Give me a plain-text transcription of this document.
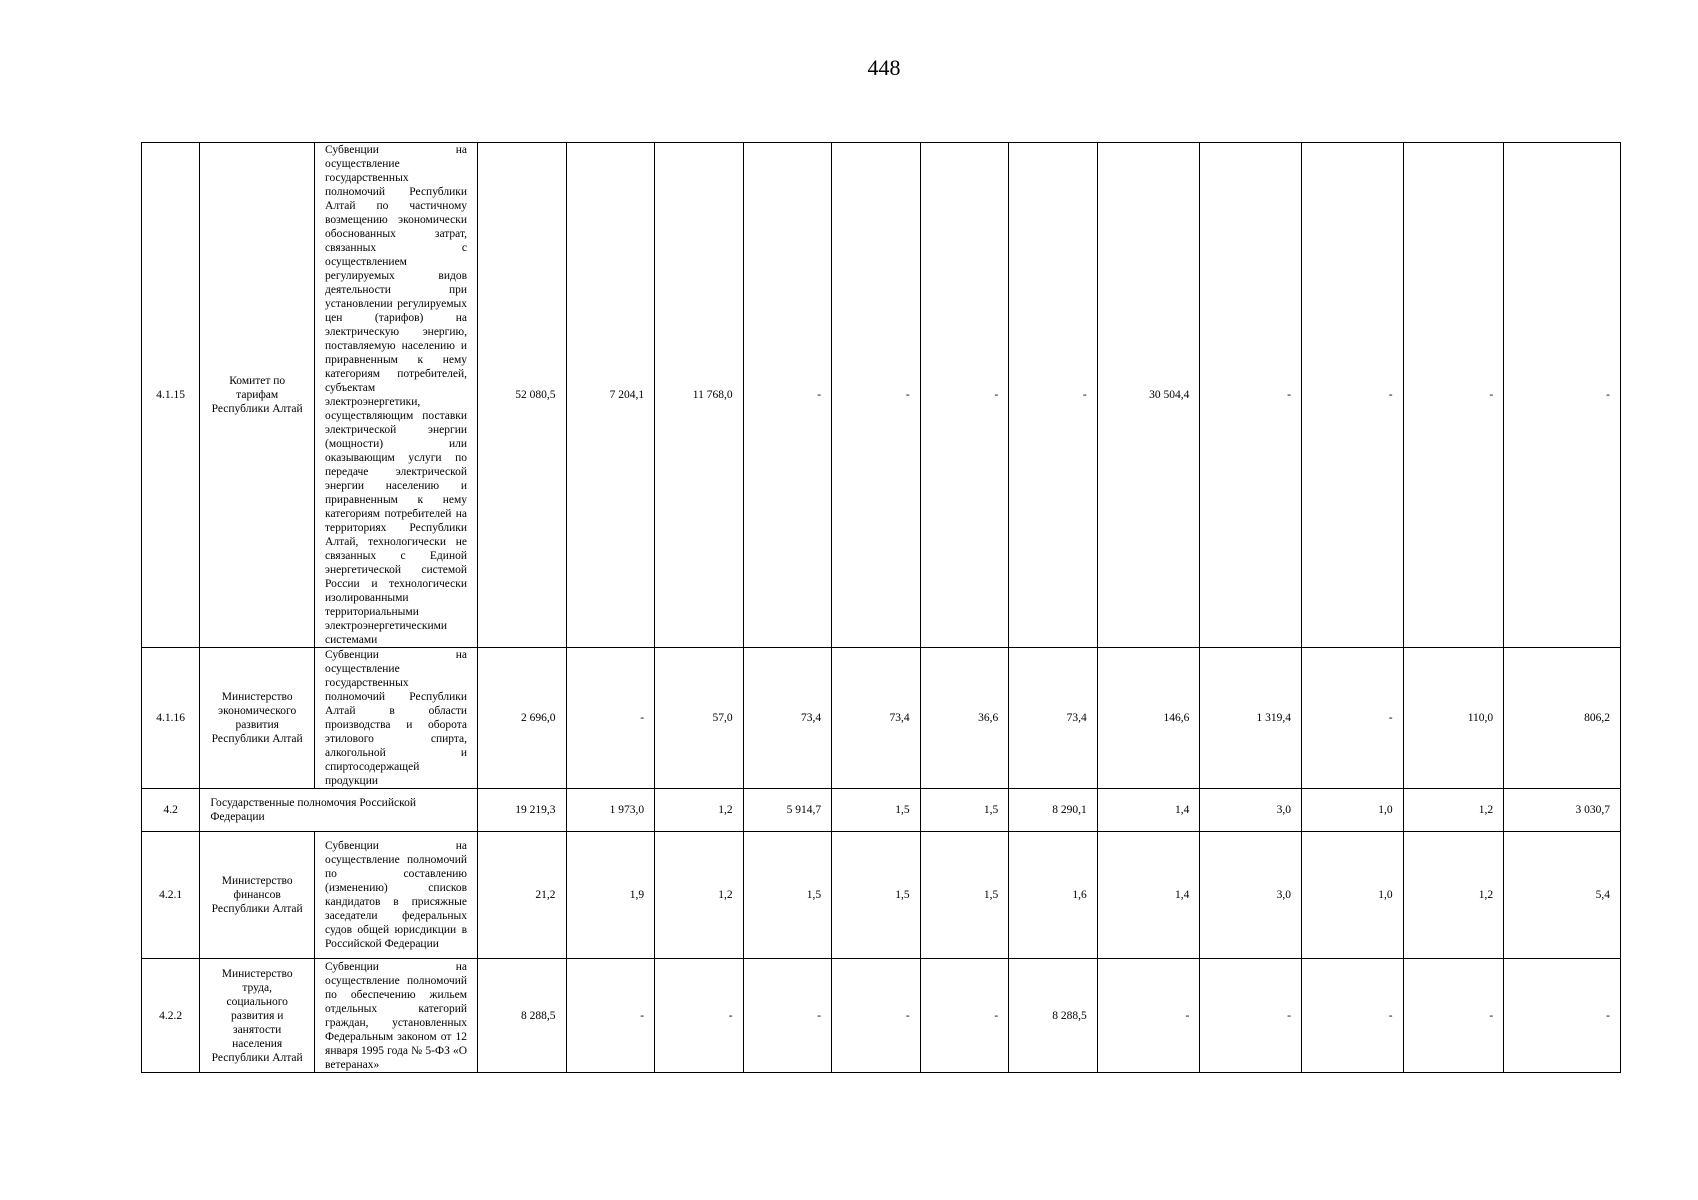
448
4.1.15	Комитет по тарифам Республики Алтай	Субвенции на осуществление государственных полномочий Республики Алтай по частичному возмещению экономически обоснованных затрат, связанных с осуществлением регулируемых видов деятельности при установлении регулируемых цен (тарифов) на электрическую энергию, поставляемую населению и приравненным к нему категориям потребителей, субъектам электроэнергетики, осуществляющим поставки электрической энергии (мощности) или оказывающим услуги по передаче электрической энергии населению и приравненным к нему категориям потребителей на территориях Республики Алтай, технологически не связанных с Единой энергетической системой России и технологически изолированными территориальными электроэнергетическими системами	52 080,5	7 204,1	11 768,0	-	-	-	-	30 504,4	-	-	-	-
4.1.16	Министерство экономического развития Республики Алтай	Субвенции на осуществление государственных полномочий Республики Алтай в области производства и оборота этилового спирта, алкогольной и спиртосодержащей продукции	2 696,0	-	57,0	73,4	73,4	36,6	73,4	146,6	1 319,4	-	110,0	806,2
4.2	Государственные полномочия Российской Федерации		19 219,3	1 973,0	1,2	5 914,7	1,5	1,5	8 290,1	1,4	3,0	1,0	1,2	3 030,7
4.2.1	Министерство финансов Республики Алтай	Субвенции на осуществление полномочий по составлению (изменению) списков кандидатов в присяжные заседатели федеральных судов общей юрисдикции в Российской Федерации	21,2	1,9	1,2	1,5	1,5	1,5	1,6	1,4	3,0	1,0	1,2	5,4
4.2.2	Министерство труда, социального развития и занятости населения Республики Алтай	Субвенции на осуществление полномочий по обеспечению жильем отдельных категорий граждан, установленных Федеральным законом от 12 января 1995 года № 5-ФЗ «О ветеранах»	8 288,5	-	-	-	-	-	8 288,5	-	-	-	-	-
